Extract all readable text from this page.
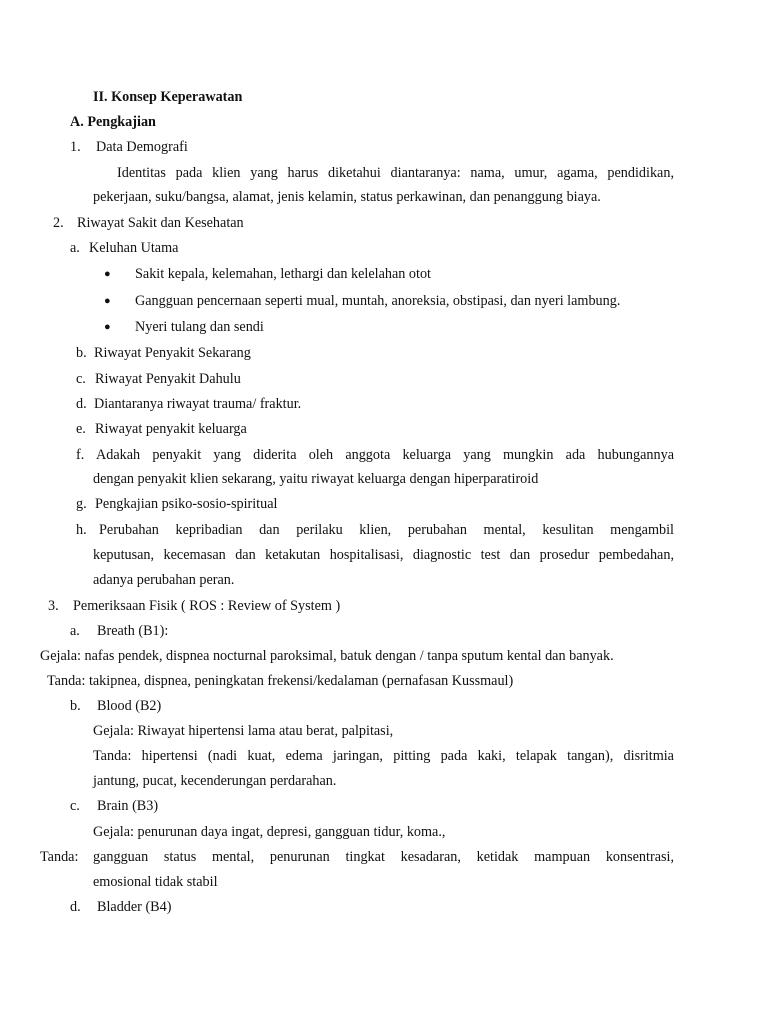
II. Konsep Keperawatan
A. Pengkajian
1. Data Demografi
Identitas pada klien yang harus diketahui diantaranya: nama, umur, agama, pendidikan,
pekerjaan, suku/bangsa, alamat, jenis kelamin, status perkawinan, dan penanggung biaya.
2. Riwayat Sakit dan Kesehatan
a. Keluhan Utama
● Sakit kepala, kelemahan, lethargi dan kelelahan otot
● Gangguan pencernaan seperti mual, muntah, anoreksia, obstipasi, dan nyeri lambung.
● Nyeri tulang dan sendi
b. Riwayat Penyakit Sekarang
c. Riwayat Penyakit Dahulu
d. Diantaranya riwayat trauma/ fraktur.
e. Riwayat penyakit keluarga
f. Adakah penyakit yang diderita oleh anggota keluarga yang mungkin ada hubungannya
dengan penyakit klien sekarang, yaitu riwayat keluarga dengan hiperparatiroid
g. Pengkajian psiko-sosio-spiritual
h. Perubahan kepribadian dan perilaku klien, perubahan mental, kesulitan mengambil
keputusan, kecemasan dan ketakutan hospitalisasi, diagnostic test dan prosedur pembedahan,
adanya perubahan peran.
3. Pemeriksaan Fisik ( ROS : Review of System )
a. Breath (B1):
Gejala: nafas pendek, dispnea nocturnal paroksimal, batuk dengan / tanpa sputum kental dan banyak.
Tanda: takipnea, dispnea, peningkatan frekensi/kedalaman (pernafasan Kussmaul)
b. Blood (B2)
Gejala: Riwayat hipertensi lama atau berat, palpitasi,
Tanda: hipertensi (nadi kuat, edema jaringan, pitting pada kaki, telapak tangan), disritmia
jantung, pucat, kecenderungan perdarahan.
c. Brain (B3)
Gejala: penurunan daya ingat, depresi, gangguan tidur, koma.,
Tanda: gangguan status mental, penurunan tingkat kesadaran, ketidak mampuan konsentrasi,
emosional tidak stabil
d. Bladder (B4)
